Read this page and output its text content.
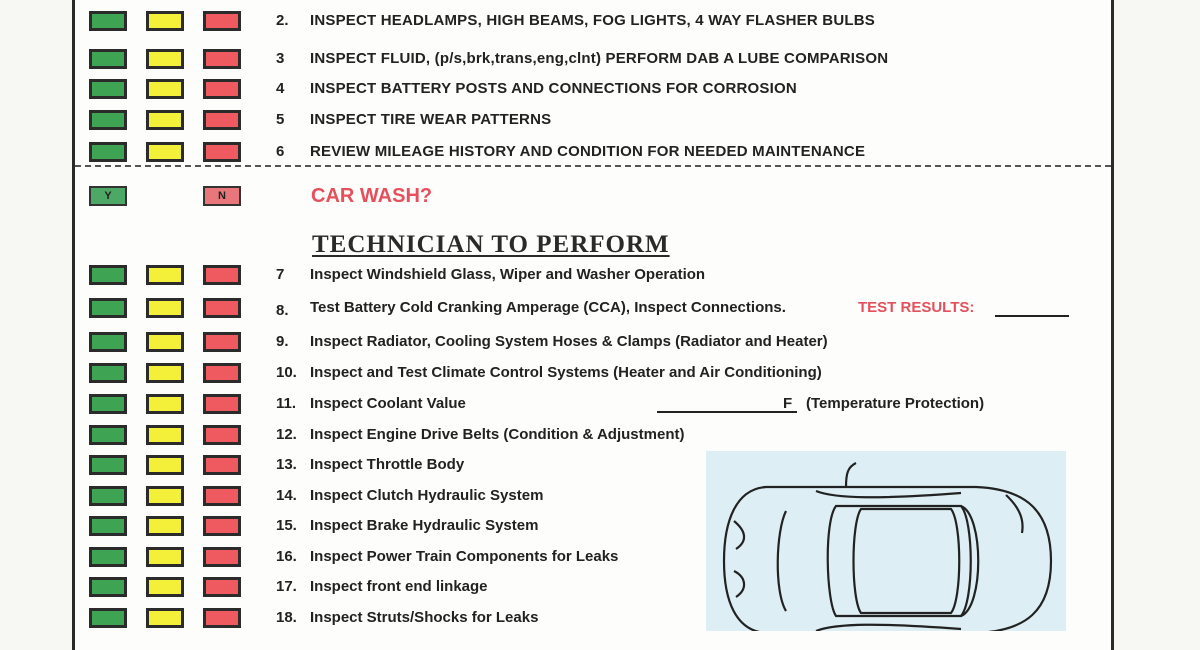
2. INSPECT HEADLAMPS, HIGH BEAMS, FOG LIGHTS, 4 WAY FLASHER BULBS
3 INSPECT FLUID, (p/s,brk,trans,eng,clnt) PERFORM DAB A LUBE COMPARISON
4 INSPECT BATTERY POSTS AND CONNECTIONS FOR CORROSION
5 INSPECT TIRE WEAR PATTERNS
6 REVIEW MILEAGE HISTORY AND CONDITION FOR NEEDED MAINTENANCE
7 Inspect Windshield Glass, Wiper and Washer Operation
8. Test Battery Cold Cranking Amperage (CCA), Inspect Connections.	TEST RESULTS:
9. Inspect Radiator, Cooling System Hoses & Clamps (Radiator and Heater)
10. Inspect and Test Climate Control Systems (Heater and Air Conditioning)
11. Inspect Coolant Value	F (Temperature Protection)
12. Inspect Engine Drive Belts (Condition & Adjustment)
13. Inspect Throttle Body
14. Inspect Clutch Hydraulic System
15. Inspect Brake Hydraulic System
16. Inspect Power Train Components for Leaks
17. Inspect front end linkage
18. Inspect Struts/Shocks for Leaks
Y	N	CAR WASH?
TECHNICIAN TO PERFORM
